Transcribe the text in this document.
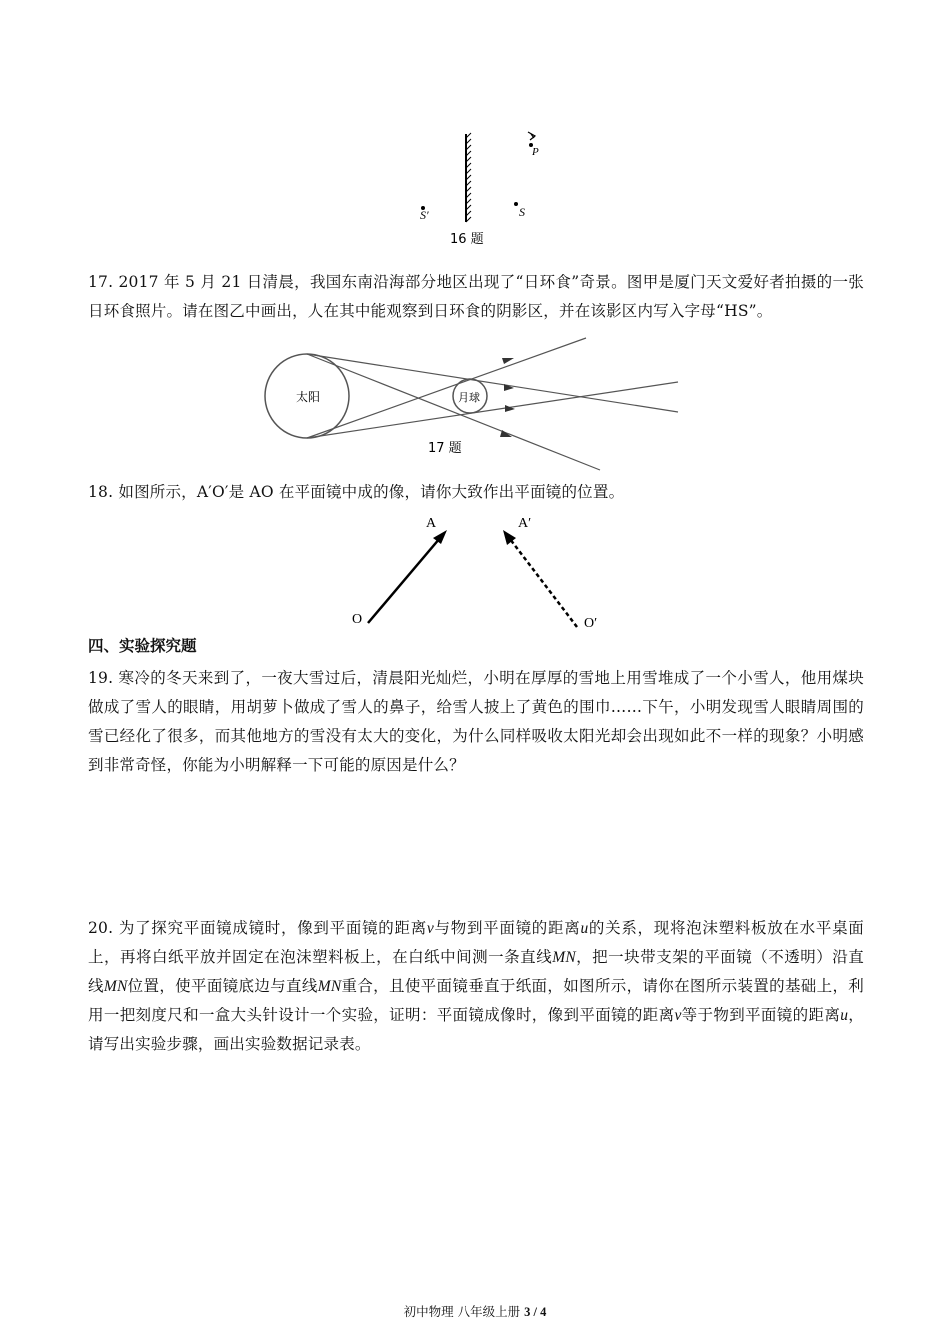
P
S′	S
16 题
17. 2017 年 5 月 21 日清晨，我国东南沿海部分地区出现了“日环食”奇景。图甲是厦门天文爱好者拍摄的一张日环食照片。请在图乙中画出，人在其中能观察到日环食的阴影区，并在该影区内写入字母“HS”。
太阳	月球
17 题
18. 如图所示，A′O′是 AO 在平面镜中成的像，请你大致作出平面镜的位置。
A	A′
O	O′
四、实验探究题
19. 寒冷的冬天来到了，一夜大雪过后，清晨阳光灿烂，小明在厚厚的雪地上用雪堆成了一个小雪人，他用煤块做成了雪人的眼睛，用胡萝卜做成了雪人的鼻子，给雪人披上了黄色的围巾……下午，小明发现雪人眼睛周围的雪已经化了很多，而其他地方的雪没有太大的变化，为什么同样吸收太阳光却会出现如此不一样的现象？小明感到非常奇怪，你能为小明解释一下可能的原因是什么？
20. 为了探究平面镜成镜时，像到平面镜的距离v与物到平面镜的距离u的关系，现将泡沫塑料板放在水平桌面上，再将白纸平放并固定在泡沫塑料板上，在白纸中间测一条直线MN，把一块带支架的平面镜（不透明）沿直线MN位置，使平面镜底边与直线MN重合，且使平面镜垂直于纸面，如图所示，请你在图所示装置的基础上，利用一把刻度尺和一盒大头针设计一个实验，证明：平面镜成像时，像到平面镜的距离v等于物到平面镜的距离u，请写出实验步骤，画出实验数据记录表。
初中物理 八年级上册 3 / 4
